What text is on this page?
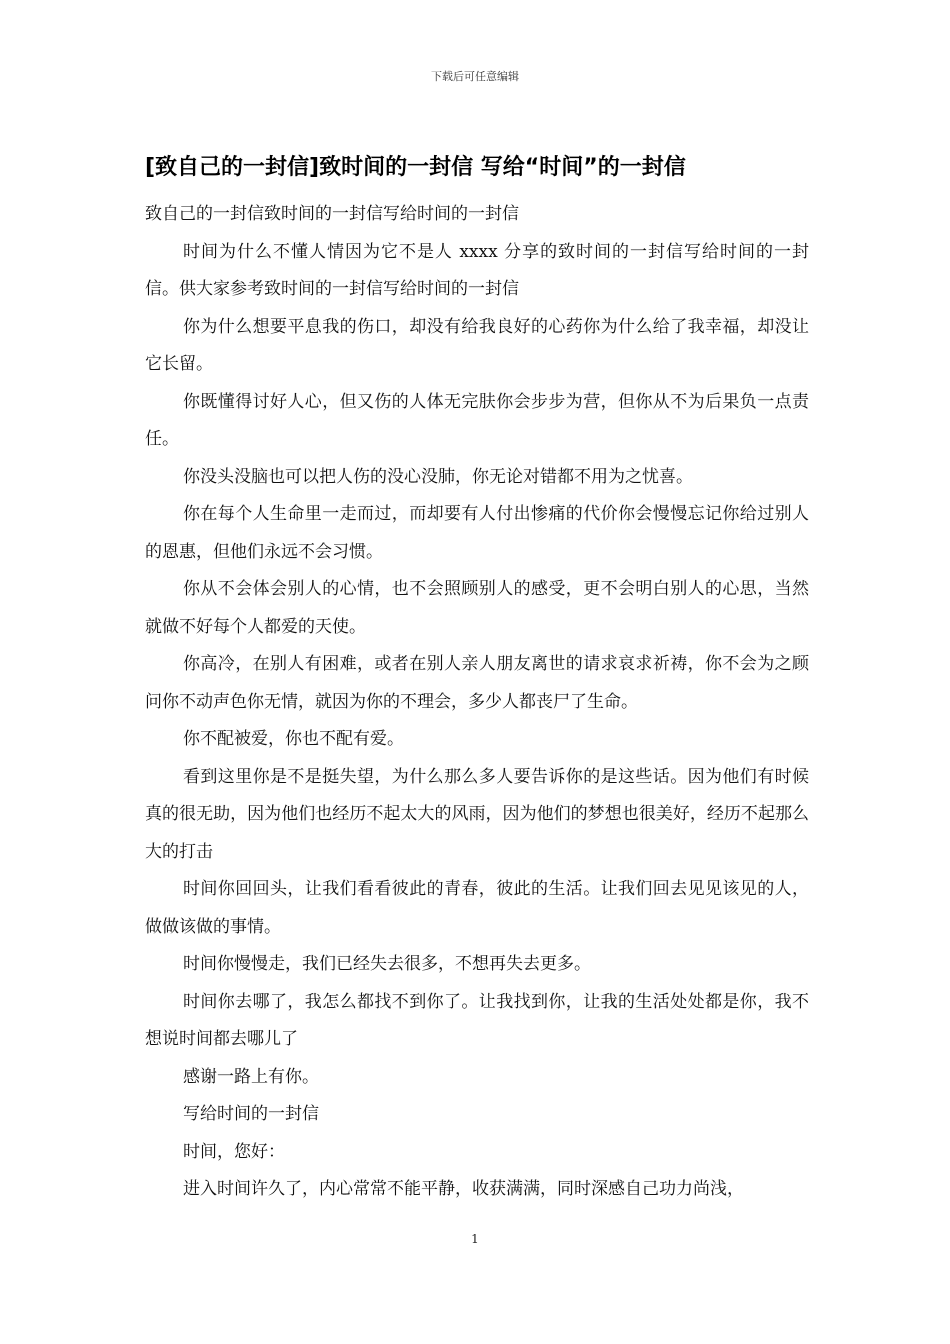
下载后可任意编辑
[致自己的一封信]致时间的一封信 写给“时间”的一封信

致自己的一封信致时间的一封信写给时间的一封信

时间为什么不懂人情因为它不是人 xxxx 分享的致时间的一封信写给时间的一封信。供大家参考致时间的一封信写给时间的一封信

你为什么想要平息我的伤口，却没有给我良好的心药你为什么给了我幸福，却没让它长留。

你既懂得讨好人心，但又伤的人体无完肤你会步步为营，但你从不为后果负一点责任。

你没头没脑也可以把人伤的没心没肺，你无论对错都不用为之忧喜。

你在每个人生命里一走而过，而却要有人付出惨痛的代价你会慢慢忘记你给过别人的恩惠，但他们永远不会习惯。

你从不会体会别人的心情，也不会照顾别人的感受，更不会明白别人的心思，当然就做不好每个人都爱的天使。

你高冷，在别人有困难，或者在别人亲人朋友离世的请求哀求祈祷，你不会为之顾问你不动声色你无情，就因为你的不理会，多少人都丧尸了生命。

你不配被爱，你也不配有爱。

看到这里你是不是挺失望，为什么那么多人要告诉你的是这些话。因为他们有时候真的很无助，因为他们也经历不起太大的风雨，因为他们的梦想也很美好，经历不起那么大的打击

时间你回回头，让我们看看彼此的青春，彼此的生活。让我们回去见见该见的人，做做该做的事情。

时间你慢慢走，我们已经失去很多，不想再失去更多。

时间你去哪了，我怎么都找不到你了。让我找到你，让我的生活处处都是你，我不想说时间都去哪儿了

感谢一路上有你。

写给时间的一封信

时间，您好：

进入时间许久了，内心常常不能平静，收获满满，同时深感自己功力尚浅，

1
